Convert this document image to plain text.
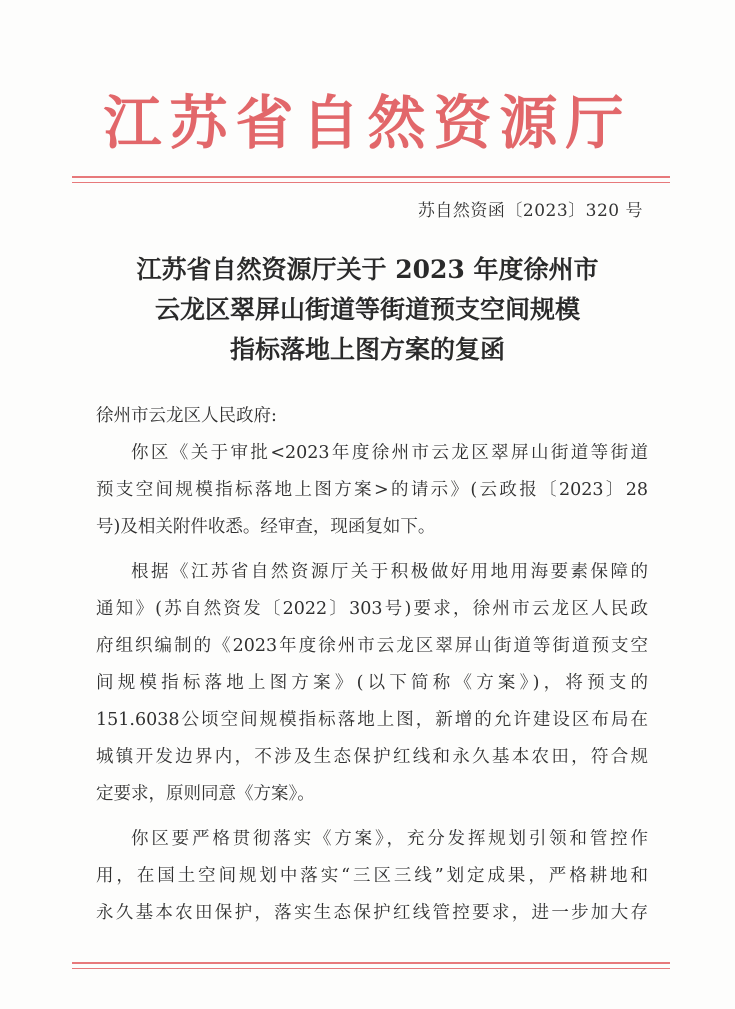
江苏省自然资源厅
苏自然资函〔2023〕320 号
江苏省自然资源厅关于 2023 年度徐州市
云龙区翠屏山街道等街道预支空间规模
指标落地上图方案的复函

徐州市云龙区人民政府:

你区《关于审批<2023年度徐州市云龙区翠屏山街道等街道
预支空间规模指标落地上图方案>的请示》(云政报〔2023〕28
号)及相关附件收悉。经审查，现函复如下。

根据《江苏省自然资源厅关于积极做好用地用海要素保障的
通知》(苏自然资发〔2022〕303号)要求，徐州市云龙区人民政
府组织编制的《2023年度徐州市云龙区翠屏山街道等街道预支空
间规模指标落地上图方案》(以下简称《方案》)，将预支的
151.6038公顷空间规模指标落地上图，新增的允许建设区布局在
城镇开发边界内，不涉及生态保护红线和永久基本农田，符合规
定要求，原则同意《方案》。

你区要严格贯彻落实《方案》，充分发挥规划引领和管控作
用，在国土空间规划中落实“三区三线”划定成果，严格耕地和
永久基本农田保护，落实生态保护红线管控要求，进一步加大存
